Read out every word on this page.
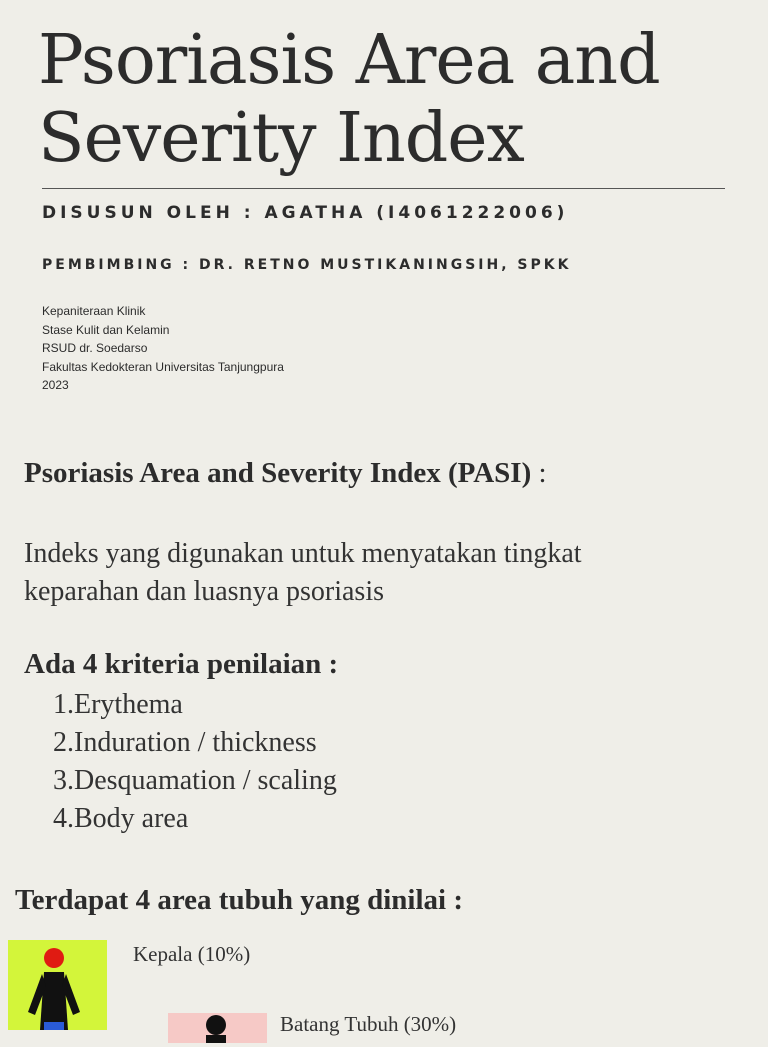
Psoriasis Area and
Severity Index
DISUSUN OLEH : AGATHA (I4061222006)
PEMBIMBING : DR. RETNO MUSTIKANINGSIH, SPKK
Kepaniteraan Klinik
Stase Kulit dan Kelamin
RSUD dr. Soedarso
Fakultas Kedokteran Universitas Tanjungpura
2023
Psoriasis Area and Severity Index (PASI) :
Indeks yang digunakan untuk menyatakan tingkat
keparahan dan luasnya psoriasis
Ada 4 kriteria penilaian :
1. Erythema
2. Induration / thickness
3. Desquamation / scaling
4. Body area
Terdapat 4 area tubuh yang dinilai :
Kepala (10%)
Batang Tubuh (30%)
